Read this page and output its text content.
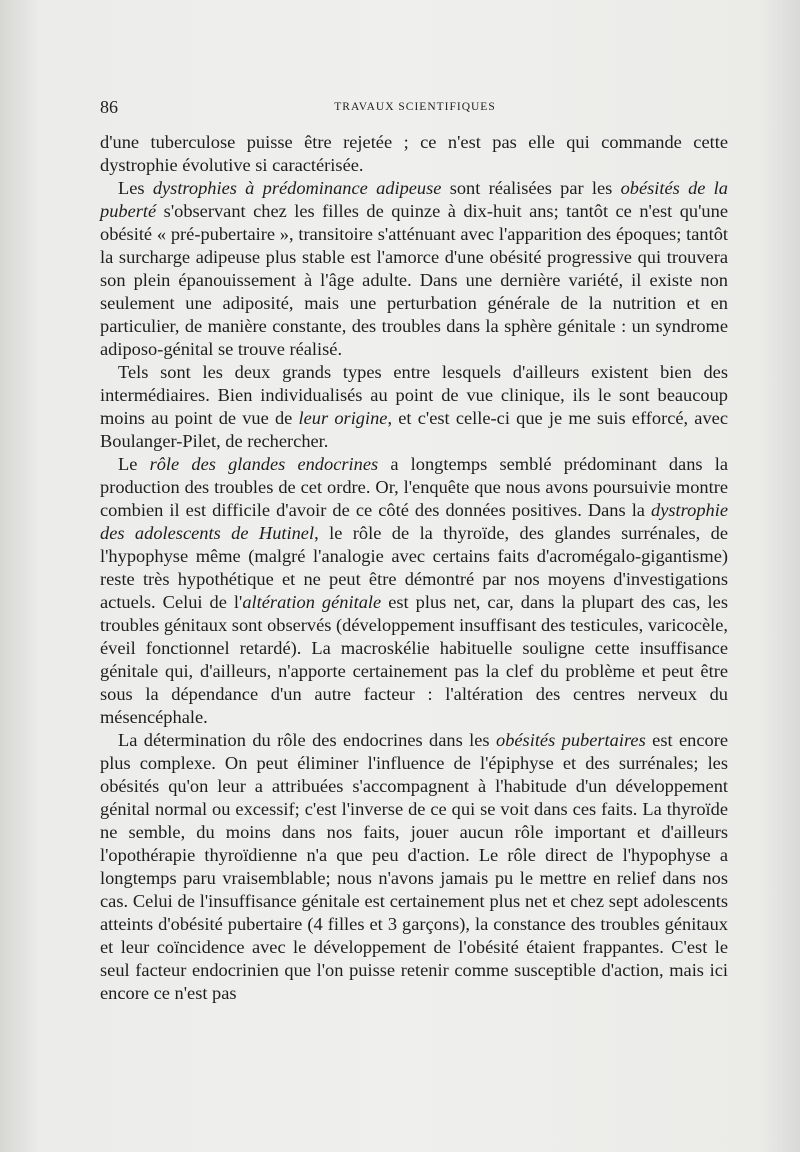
86	TRAVAUX SCIENTIFIQUES

d'une tuberculose puisse être rejetée ; ce n'est pas elle qui commande cette dystrophie évolutive si caractérisée.

Les dystrophies à prédominance adipeuse sont réalisées par les obésités de la puberté s'observant chez les filles de quinze à dix-huit ans; tantôt ce n'est qu'une obésité « pré-pubertaire », transitoire s'atténuant avec l'apparition des époques; tantôt la surcharge adipeuse plus stable est l'amorce d'une obésité progressive qui trouvera son plein épanouissement à l'âge adulte. Dans une dernière variété, il existe non seulement une adiposité, mais une perturbation générale de la nutrition et en particulier, de manière constante, des troubles dans la sphère génitale : un syndrome adiposo-génital se trouve réalisé.

Tels sont les deux grands types entre lesquels d'ailleurs existent bien des intermédiaires. Bien individualisés au point de vue clinique, ils le sont beaucoup moins au point de vue de leur origine, et c'est celle-ci que je me suis efforcé, avec Boulanger-Pilet, de rechercher.

Le rôle des glandes endocrines a longtemps semblé prédominant dans la production des troubles de cet ordre. Or, l'enquête que nous avons poursuivie montre combien il est difficile d'avoir de ce côté des données positives. Dans la dystrophie des adolescents de Hutinel, le rôle de la thyroïde, des glandes surrénales, de l'hypophyse même (malgré l'analogie avec certains faits d'acromégalo-gigantisme) reste très hypothétique et ne peut être démontré par nos moyens d'investigations actuels. Celui de l'altération génitale est plus net, car, dans la plupart des cas, les troubles génitaux sont observés (développement insuffisant des testicules, varicocèle, éveil fonctionnel retardé). La macroskélie habituelle souligne cette insuffisance génitale qui, d'ailleurs, n'apporte certainement pas la clef du problème et peut être sous la dépendance d'un autre facteur : l'altération des centres nerveux du mésencéphale.

La détermination du rôle des endocrines dans les obésités pubertaires est encore plus complexe. On peut éliminer l'influence de l'épiphyse et des surrénales; les obésités qu'on leur a attribuées s'accompagnent à l'habitude d'un développement génital normal ou excessif; c'est l'inverse de ce qui se voit dans ces faits. La thyroïde ne semble, du moins dans nos faits, jouer aucun rôle important et d'ailleurs l'opothérapie thyroïdienne n'a que peu d'action. Le rôle direct de l'hypophyse a longtemps paru vraisemblable; nous n'avons jamais pu le mettre en relief dans nos cas. Celui de l'insuffisance génitale est certainement plus net et chez sept adolescents atteints d'obésité pubertaire (4 filles et 3 garçons), la constance des troubles génitaux et leur coïncidence avec le développement de l'obésité étaient frappantes. C'est le seul facteur endocrinien que l'on puisse retenir comme susceptible d'action, mais ici encore ce n'est pas
